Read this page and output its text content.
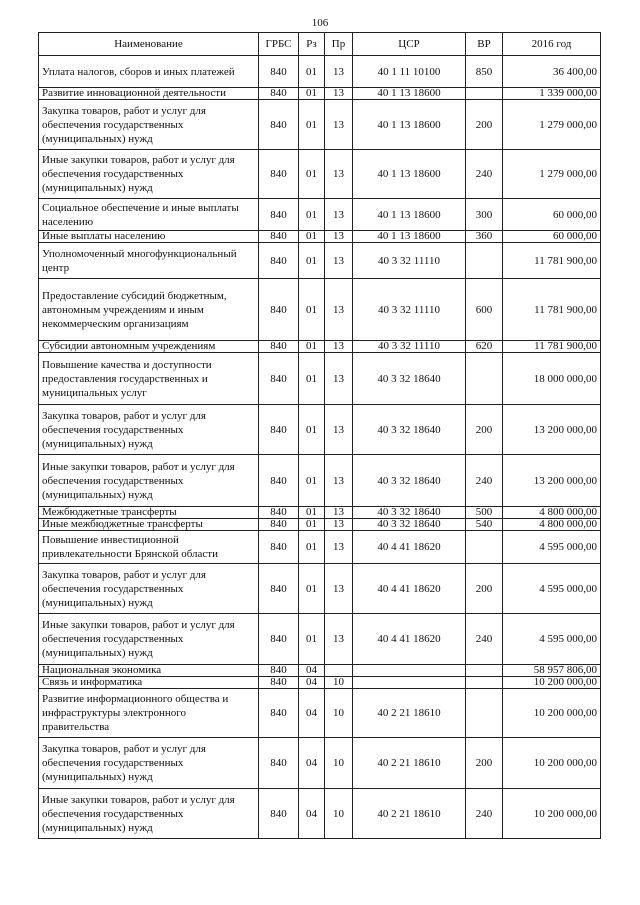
106
Наименование	ГРБС	Рз	Пр	ЦСР	ВР	2016 год
Уплата налогов, сборов и иных платежей	840	01	13	40 1 11 10100	850	36 400,00
Развитие инновационной деятельности	840	01	13	40 1 13 18600		1 339 000,00
Закупка товаров, работ и услуг для обеспечения государственных (муниципальных) нужд	840	01	13	40 1 13 18600	200	1 279 000,00
Иные закупки товаров, работ и услуг для обеспечения государственных (муниципальных) нужд	840	01	13	40 1 13 18600	240	1 279 000,00
Социальное обеспечение и иные выплаты населению	840	01	13	40 1 13 18600	300	60 000,00
Иные выплаты населению	840	01	13	40 1 13 18600	360	60 000,00
Уполномоченный многофункциональный центр	840	01	13	40 3 32 11110		11 781 900,00
Предоставление субсидий бюджетным, автономным учреждениям и иным некоммерческим организациям	840	01	13	40 3 32 11110	600	11 781 900,00
Субсидии автономным учреждениям	840	01	13	40 3 32 11110	620	11 781 900,00
Повышение качества и доступности предоставления государственных и муниципальных услуг	840	01	13	40 3 32 18640		18 000 000,00
Закупка товаров, работ и услуг для обеспечения государственных (муниципальных) нужд	840	01	13	40 3 32 18640	200	13 200 000,00
Иные закупки товаров, работ и услуг для обеспечения государственных (муниципальных) нужд	840	01	13	40 3 32 18640	240	13 200 000,00
Межбюджетные трансферты	840	01	13	40 3 32 18640	500	4 800 000,00
Иные межбюджетные трансферты	840	01	13	40 3 32 18640	540	4 800 000,00
Повышение инвестиционной привлекательности Брянской области	840	01	13	40 4 41 18620		4 595 000,00
Закупка товаров, работ и услуг для обеспечения государственных (муниципальных) нужд	840	01	13	40 4 41 18620	200	4 595 000,00
Иные закупки товаров, работ и услуг для обеспечения государственных (муниципальных) нужд	840	01	13	40 4 41 18620	240	4 595 000,00
Национальная экономика	840	04				58 957 806,00
Связь и информатика	840	04	10			10 200 000,00
Развитие информационного общества и инфраструктуры электронного правительства	840	04	10	40 2 21 18610		10 200 000,00
Закупка товаров, работ и услуг для обеспечения государственных (муниципальных) нужд	840	04	10	40 2 21 18610	200	10 200 000,00
Иные закупки товаров, работ и услуг для обеспечения государственных (муниципальных) нужд	840	04	10	40 2 21 18610	240	10 200 000,00
